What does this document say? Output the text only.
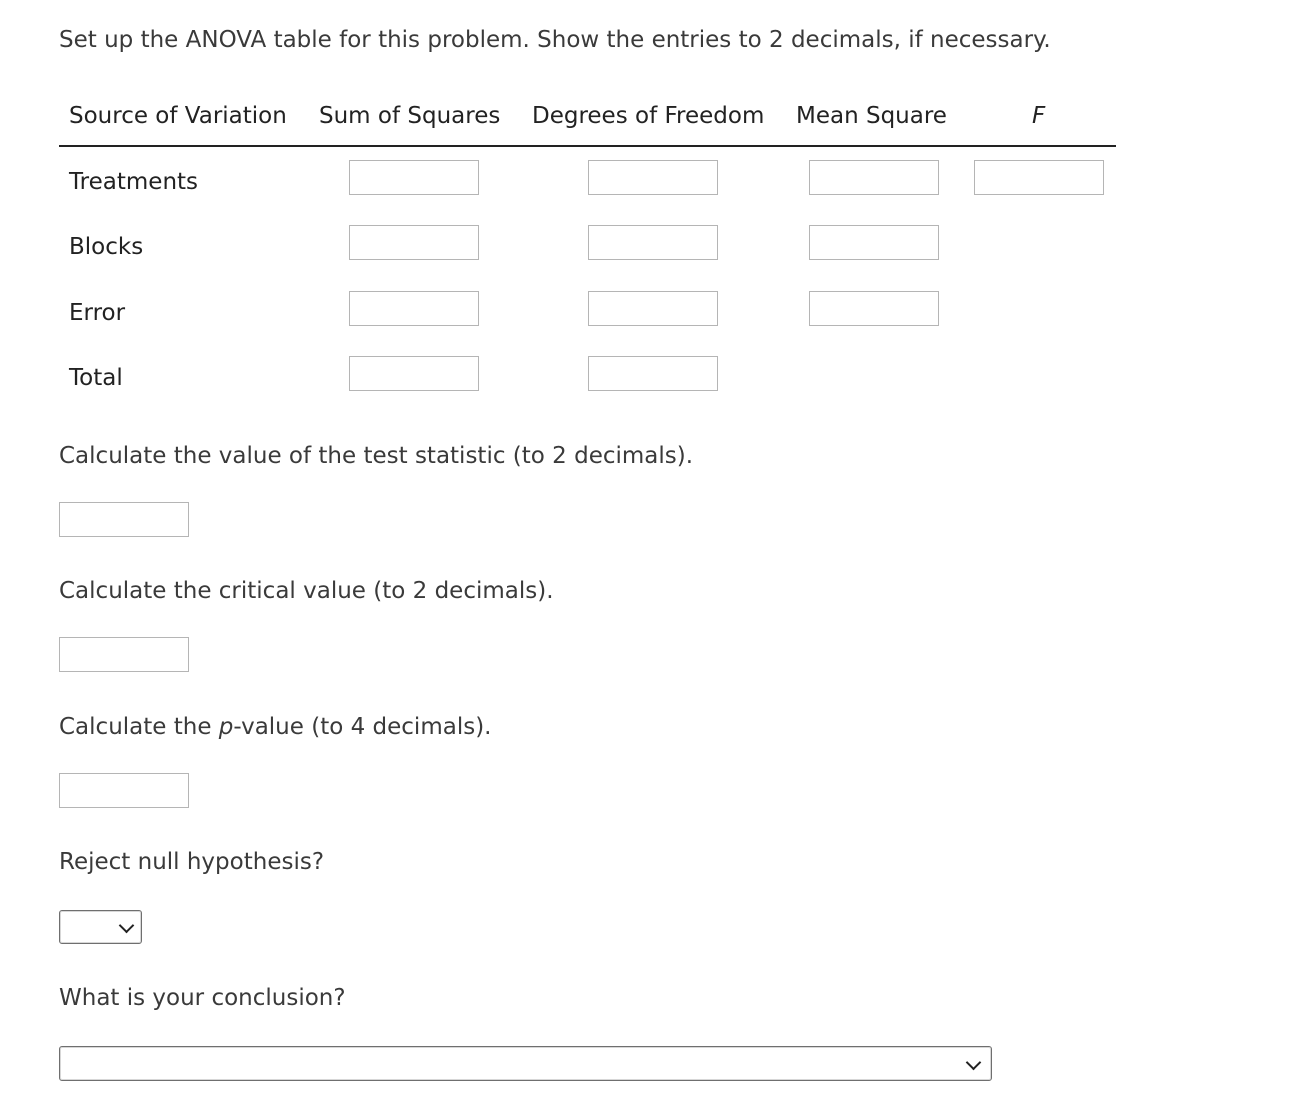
Set up the ANOVA table for this problem. Show the entries to 2 decimals, if necessary.
Source of Variation Sum of Squares Degrees of Freedom Mean Square	F
Treatments
Blocks
Error
Total
Calculate the value of the test statistic (to 2 decimals).
Calculate the critical value (to 2 decimals).
Calculate the p-value (to 4 decimals).
Reject null hypothesis?
What is your conclusion?
